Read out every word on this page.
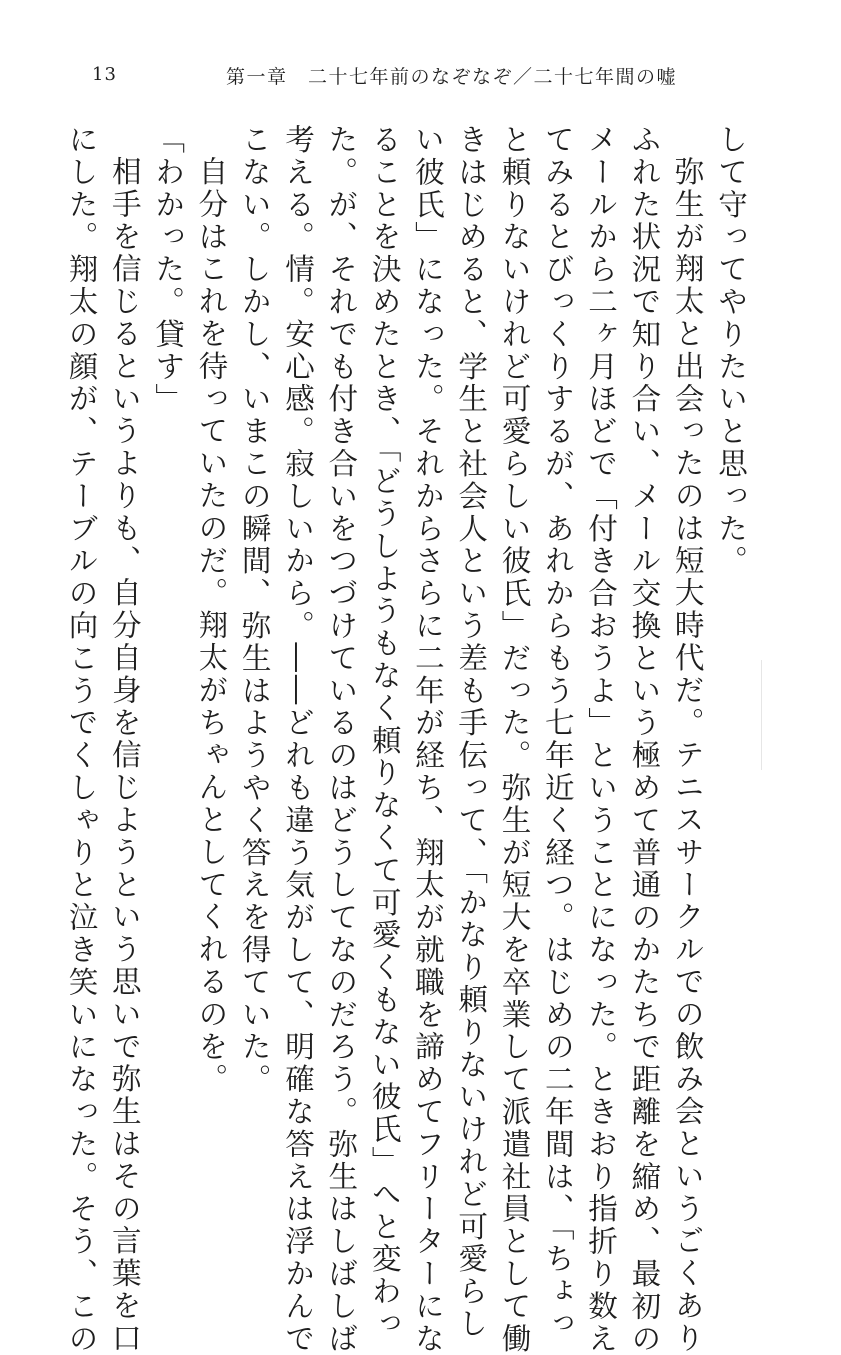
13	第一章　二十七年前のなぞなぞ／二十七年間の嘘
して守ってやりたいと思った。
弥生が翔太と出会ったのは短大時代だ。テニスサークルでの飲み会というごくあり
ふれた状況で知り合い、メール交換という極めて普通のかたちで距離を縮め、最初の
メールから二ヶ月ほどで「付き合おうよ」ということになった。ときおり指折り数え
てみるとびっくりするが、あれからもう七年近く経つ。はじめの二年間は、「ちょっ
と頼りないけれど可愛らしい彼氏」だった。弥生が短大を卒業して派遣社員として働
きはじめると、学生と社会人という差も手伝って、「かなり頼りないけれど可愛らし
い彼氏」になった。それからさらに二年が経ち、翔太が就職を諦めてフリーターにな
ることを決めたとき、「どうしようもなく頼りなくて可愛くもない彼氏」へと変わっ
た。が、それでも付き合いをつづけているのはどうしてなのだろう。弥生はしばしば
考える。情。安心感。寂しいから。――どれも違う気がして、明確な答えは浮かんで
こない。しかし、いまこの瞬間、弥生はようやく答えを得ていた。
自分はこれを待っていたのだ。翔太がちゃんとしてくれるのを。
「わかった。貸す」
相手を信じるというよりも、自分自身を信じようという思いで弥生はその言葉を口
にした。翔太の顔が、テーブルの向こうでくしゃりと泣き笑いになった。そう、この
